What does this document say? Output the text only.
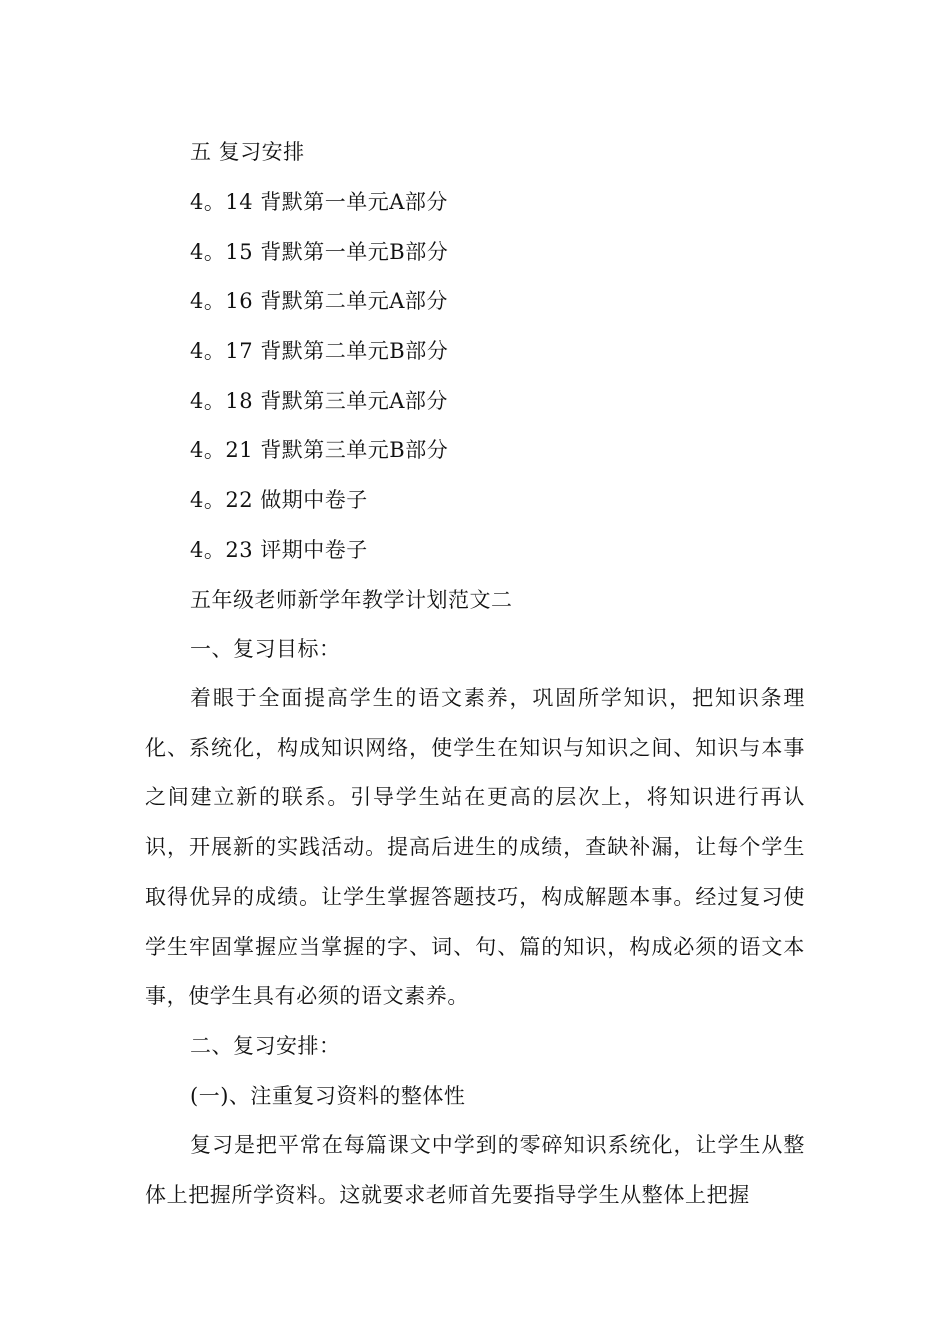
五 复习安排
4。14 背默第一单元A部分
4。15 背默第一单元B部分
4。16 背默第二单元A部分
4。17 背默第二单元B部分
4。18 背默第三单元A部分
4。21 背默第三单元B部分
4。22 做期中卷子
4。23 评期中卷子
五年级老师新学年教学计划范文二
一、复习目标：

着眼于全面提高学生的语文素养，巩固所学知识，把知识条理化、系统化，构成知识网络，使学生在知识与知识之间、知识与本事之间建立新的联系。引导学生站在更高的层次上，将知识进行再认识，开展新的实践活动。提高后进生的成绩，查缺补漏，让每个学生取得优异的成绩。让学生掌握答题技巧，构成解题本事。经过复习使学生牢固掌握应当掌握的字、词、句、篇的知识，构成必须的语文本事，使学生具有必须的语文素养。

二、复习安排：
(一)、注重复习资料的整体性

复习是把平常在每篇课文中学到的零碎知识系统化，让学生从整体上把握所学资料。这就要求老师首先要指导学生从整体上把握
